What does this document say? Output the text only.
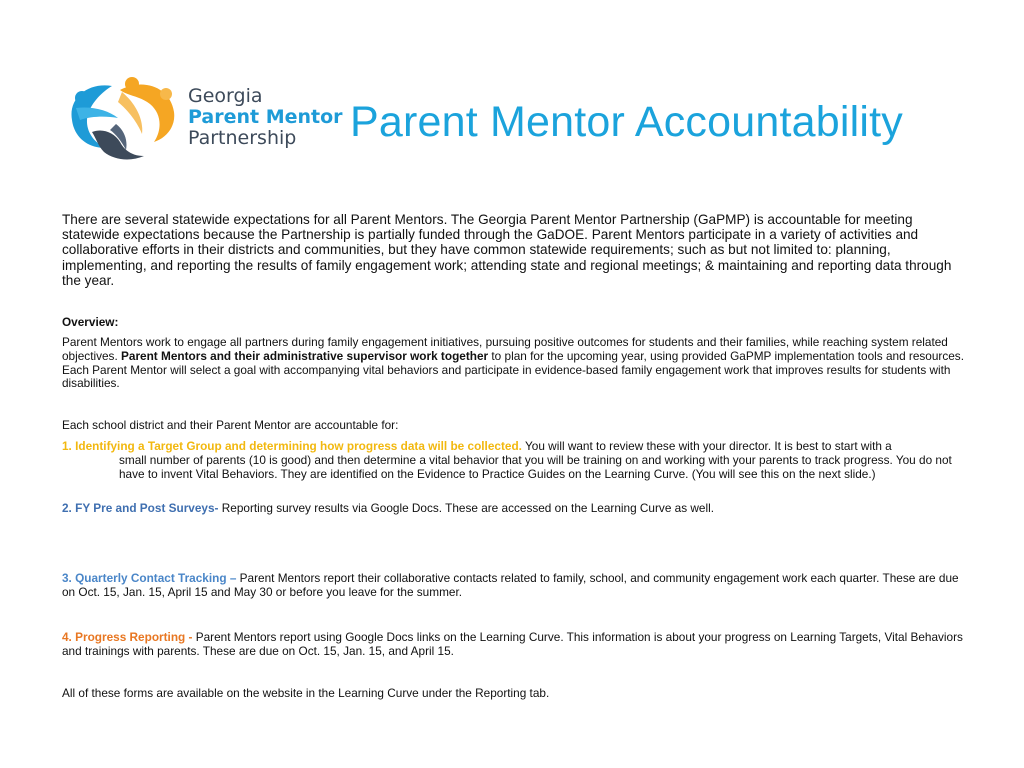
Georgia
Parent Mentor
Partnership	Parent Mentor Accountability
There are several statewide expectations for all Parent Mentors. The Georgia Parent Mentor Partnership (GaPMP) is accountable for meeting statewide expectations because the Partnership is partially funded through the GaDOE. Parent Mentors participate in a variety of activities and collaborative efforts in their districts and communities, but they have common statewide requirements; such as but not limited to: planning, implementing, and reporting the results of family engagement work; attending state and regional meetings; & maintaining and reporting data through the year.
Overview:
Parent Mentors work to engage all partners during family engagement initiatives, pursuing positive outcomes for students and their families, while reaching system related objectives. Parent Mentors and their administrative supervisor work together to plan for the upcoming year, using provided GaPMP implementation tools and resources. Each Parent Mentor will select a goal with accompanying vital behaviors and participate in evidence-based family engagement work that improves results for students with disabilities.
Each school district and their Parent Mentor are accountable for:
1. Identifying a Target Group and determining how progress data will be collected. You will want to review these with your director. It is best to start with a
small number of parents (10 is good) and then determine a vital behavior that you will be training on and working with your parents to track progress. You do not have to invent Vital Behaviors. They are identified on the Evidence to Practice Guides on the Learning Curve. (You will see this on the next slide.)
2. FY Pre and Post Surveys- Reporting survey results via Google Docs. These are accessed on the Learning Curve as well.
3. Quarterly Contact Tracking – Parent Mentors report their collaborative contacts related to family, school, and community engagement work each quarter. These are due on Oct. 15, Jan. 15, April 15 and May 30 or before you leave for the summer.
4. Progress Reporting - Parent Mentors report using Google Docs links on the Learning Curve. This information is about your progress on Learning Targets, Vital Behaviors and trainings with parents. These are due on Oct. 15, Jan. 15, and April 15.
All of these forms are available on the website in the Learning Curve under the Reporting tab.
